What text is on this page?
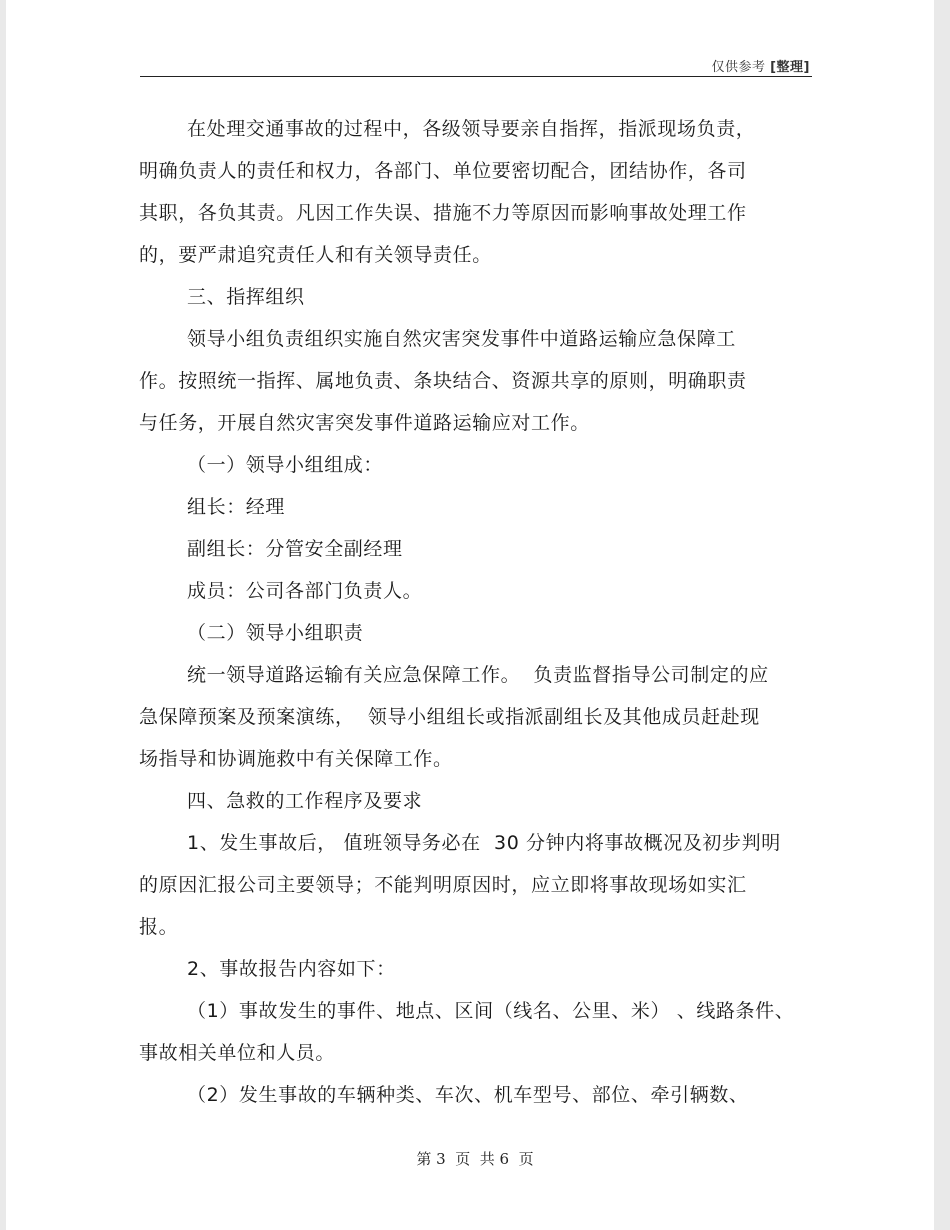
仅供参考 [整理]
在处理交通事故的过程中，各级领导要亲自指挥，指派现场负责，
明确负责人的责任和权力，各部门、单位要密切配合，团结协作，各司
其职，各负其责。凡因工作失误、措施不力等原因而影响事故处理工作
的，要严肃追究责任人和有关领导责任。
三、指挥组织
领导小组负责组织实施自然灾害突发事件中道路运输应急保障工
作。按照统一指挥、属地负责、条块结合、资源共享的原则，明确职责
与任务，开展自然灾害突发事件道路运输应对工作。
（一）领导小组组成：
组长：经理
副组长：分管安全副经理
成员：公司各部门负责人。
（二）领导小组职责
统一领导道路运输有关应急保障工作。  负责监督指导公司制定的应
急保障预案及预案演练，  领导小组组长或指派副组长及其他成员赶赴现
场指导和协调施救中有关保障工作。
四、急救的工作程序及要求
1、发生事故后， 值班领导务必在  30 分钟内将事故概况及初步判明
的原因汇报公司主要领导；不能判明原因时，应立即将事故现场如实汇
报。
2、事故报告内容如下：
（1）事故发生的事件、地点、区间（线名、公里、米） 、线路条件、
事故相关单位和人员。
（2）发生事故的车辆种类、车次、机车型号、部位、牵引辆数、
第 3  页  共 6  页
